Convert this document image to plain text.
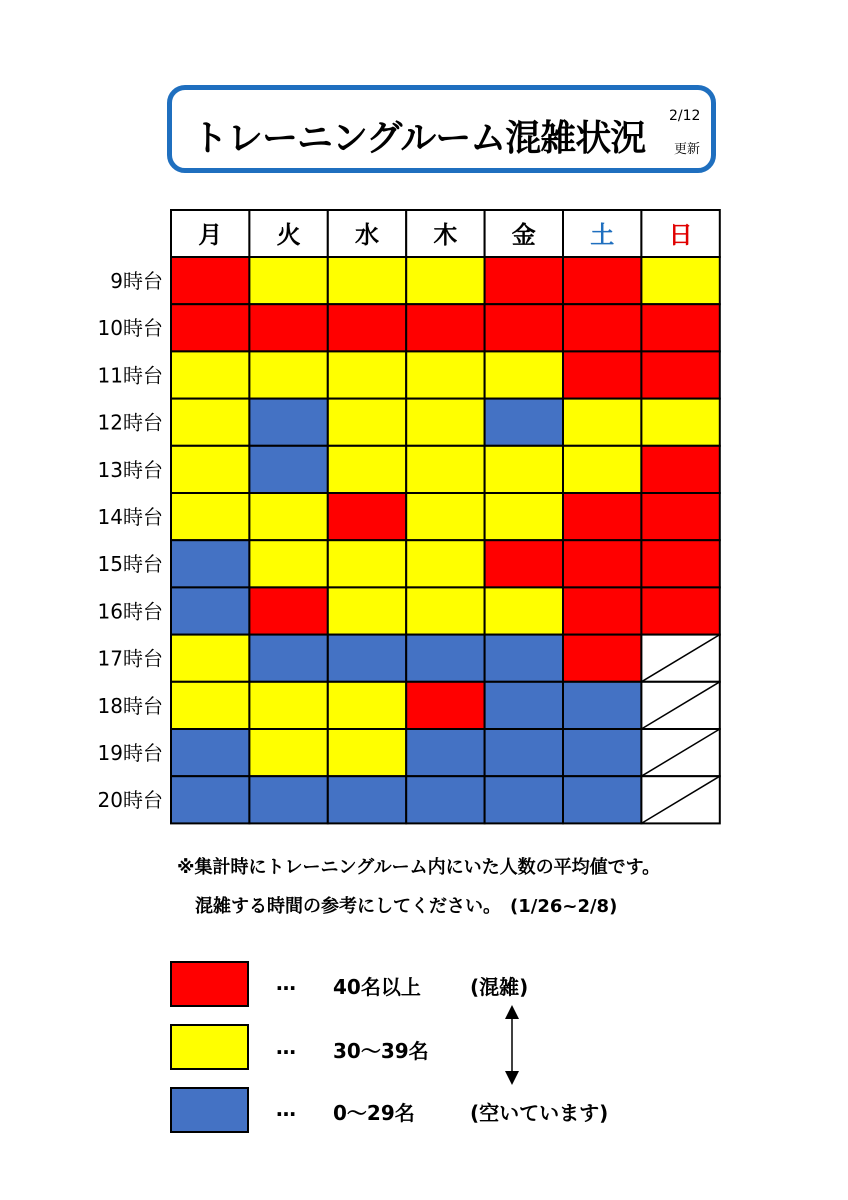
トレーニングルーム混雑状況
2/12
更新
月 火 水 木 金 土 日
9時台
10時台
11時台
12時台
13時台
14時台
15時台
16時台
17時台
18時台
19時台
20時台
※集計時にトレーニングルーム内にいた人数の平均値です。
混雑する時間の参考にしてください。　(1/26~2/8)
… 40名以上 (混雑)
… 30～39名
… 0～29名	(空いています)
